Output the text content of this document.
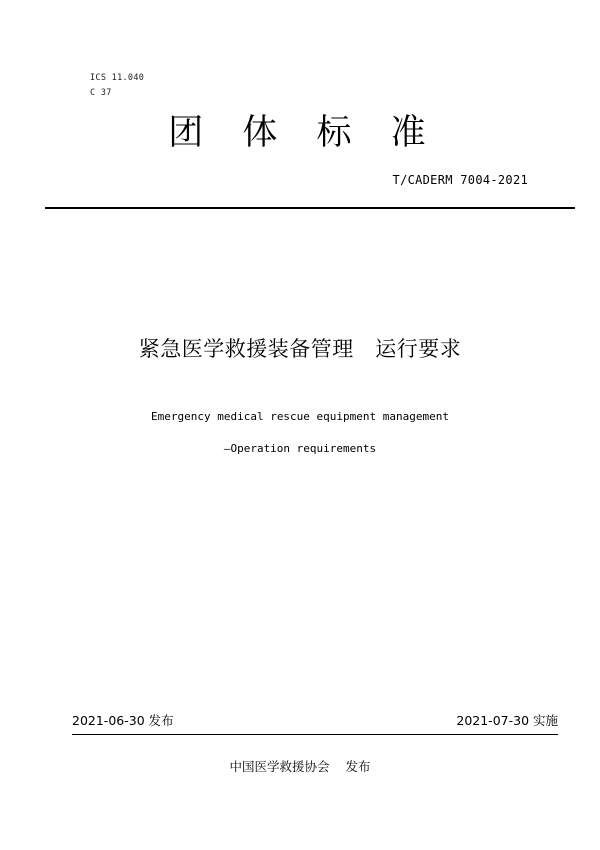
ICS 11.040
C 37
团 体 标 准
T/CADERM 7004-2021
紧急医学救援装备管理   运行要求
Emergency medical rescue equipment management
—Operation requirements
2021-06-30 发布	2021-07-30 实施
中国医学救援协会    发布
